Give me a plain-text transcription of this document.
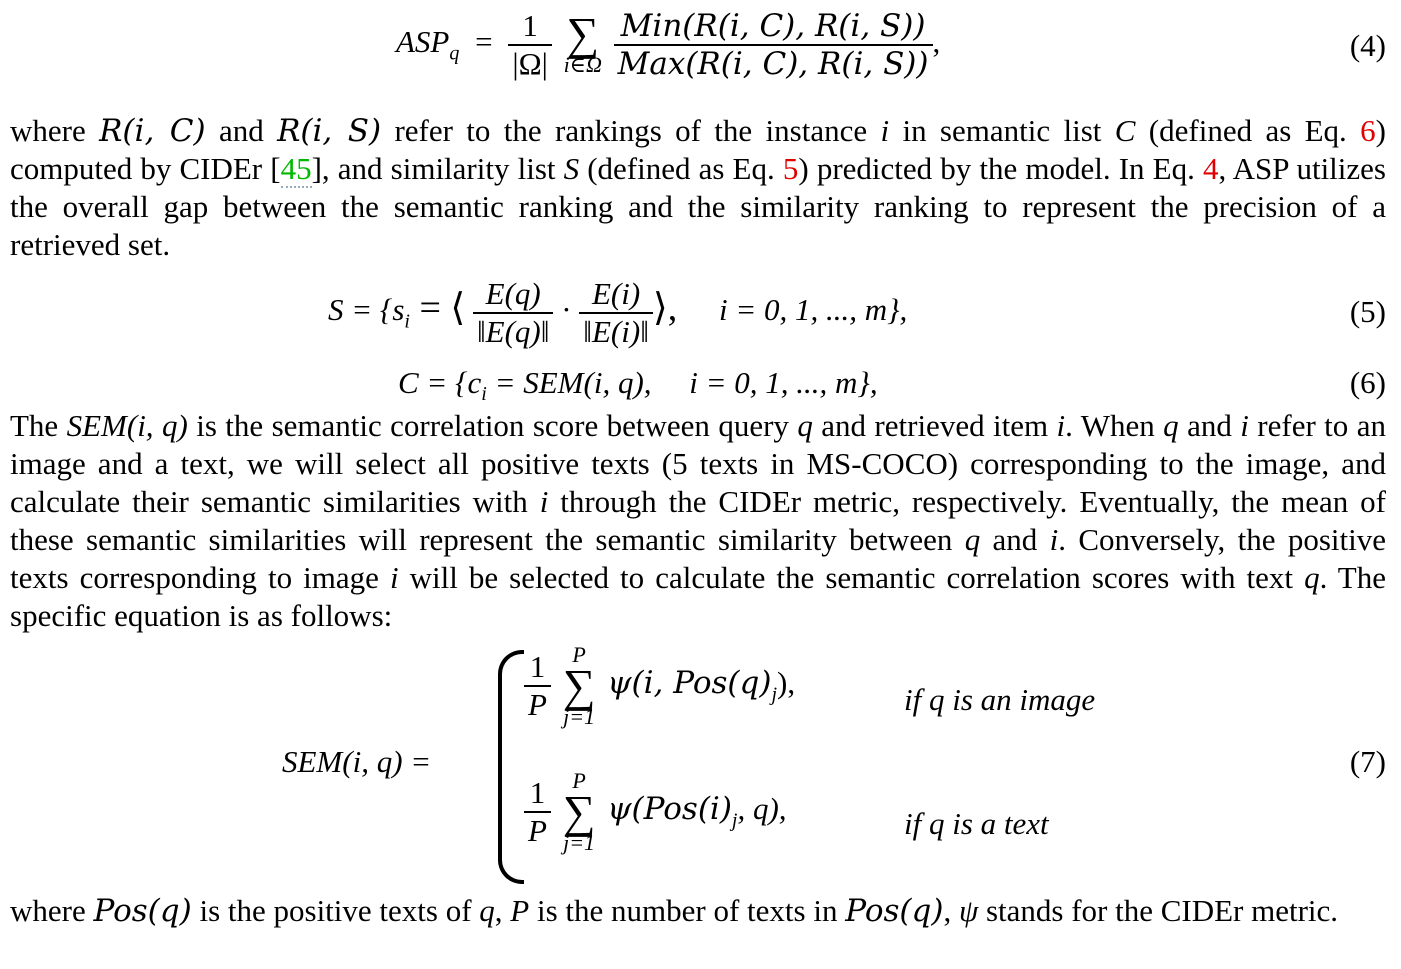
$ASP_q = \frac{1}{|\Omega|}$
∑
i∈Ω
$\frac{\text{Min(R(i, C), R(i, S))}}{\text{Max(R(i, C), R(i, S))}}$ ,	(4)

where R(i, C) and R(i, S) refer to the rankings of the instance i in semantic list C (defined as Eq. 6) computed by CIDEr [45], and similarity list S (defined as Eq. 5) predicted by the model. In Eq. 4, ASP utilizes the overall gap between the semantic ranking and the similarity ranking to represent the precision of a retrieved set.

$S = \{s_i$ = ⟨ $\frac{E(q)}{‖E(q)‖} \cdot \frac{E(i)}{‖E(i)‖}$ ⟩, i = 0, 1, ..., m},	(5)
$C = \{c_i = SEM(i$, q), i = 0, 1, ..., m},	(6)

The SEM(i, q) is the semantic correlation score between query q and retrieved item i. When q and i refer to an image and a text, we will select all positive texts (5 texts in MS-COCO) corresponding to the image, and calculate their semantic similarities with i through the CIDEr metric, respectively. Eventually, the mean of these semantic similarities will represent the semantic similarity between q and i. Conversely, the positive texts corresponding to image i will be selected to calculate the semantic correlation scores with text q. The specific equation is as follows:

SEM(i, q) =
$\frac{1}{P}$
P
∑
j=1
ψ(i, $Pos(q)_j$),	if q is an image
$\frac{1}{P}$
P
∑
j=1
$\psi(Pos(i)_j$, q),	if q is a text
(7)

where Pos(q) is the positive texts of q, P is the number of texts in Pos(q), ψ stands for the CIDEr metric.
